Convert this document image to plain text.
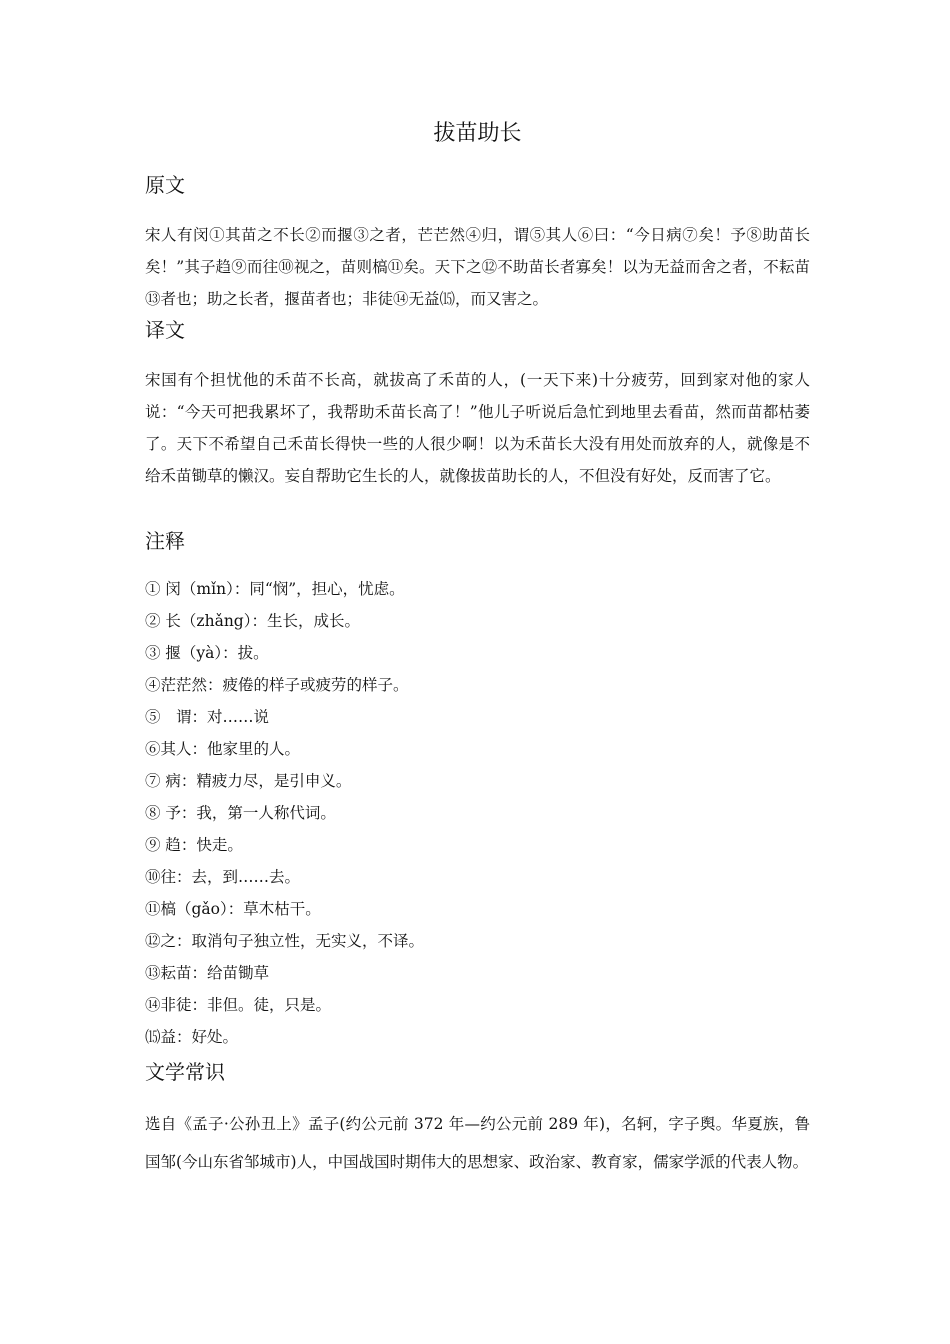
拔苗助长
原文

宋人有闵①其苗之不长②而揠③之者，芒芒然④归，谓⑤其人⑥曰：“今日病⑦矣！予⑧助苗长矣！”其子趋⑨而往⑩视之，苗则槁⑪矣。天下之⑫不助苗长者寡矣！以为无益而舍之者，不耘苗⑬者也；助之长者，揠苗者也；非徒⑭无益⒂，而又害之。

译文

宋国有个担忧他的禾苗不长高，就拔高了禾苗的人，(一天下来)十分疲劳，回到家对他的家人说：“今天可把我累坏了，我帮助禾苗长高了！”他儿子听说后急忙到地里去看苗，然而苗都枯萎了。天下不希望自己禾苗长得快一些的人很少啊！以为禾苗长大没有用处而放弃的人，就像是不给禾苗锄草的懒汉。妄自帮助它生长的人，就像拔苗助长的人，不但没有好处，反而害了它。

注释
① 闵（mǐn）：同“悯”，担心，忧虑。
② 长（zhǎng）：生长，成长。
③ 揠（yà）：拔。
④茫茫然：疲倦的样子或疲劳的样子。
⑤　谓：对……说
⑥其人：他家里的人。
⑦ 病：精疲力尽，是引申义。
⑧ 予：我，第一人称代词。
⑨ 趋：快走。
⑩往：去，到……去。
⑪槁（gǎo）：草木枯干。
⑫之：取消句子独立性，无实义，不译。
⑬耘苗：给苗锄草
⑭非徒：非但。徒，只是。
⒂益：好处。
文学常识

选自《孟子·公孙丑上》孟子(约公元前 372 年—约公元前 289 年)，名轲，字子舆。华夏族，鲁国邹(今山东省邹城市)人，中国战国时期伟大的思想家、政治家、教育家，儒家学派的代表人物。
